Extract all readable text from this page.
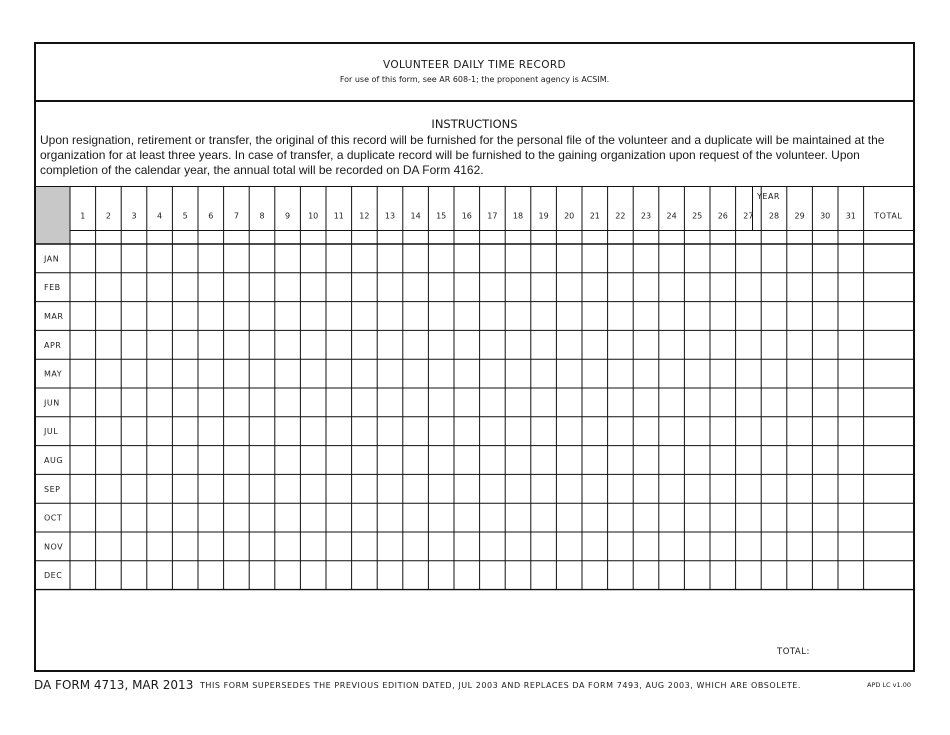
VOLUNTEER DAILY TIME RECORD
For use of this form, see AR 608-1; the proponent agency is ACSIM.
INSTRUCTIONS
Upon resignation, retirement or transfer, the original of this record will be furnished for the personal file of the volunteer and a duplicate will be maintained at the organization for at least three years. In case of transfer, a duplicate record will be furnished to the gaining organization upon request of the volunteer. Upon completion of the calendar year, the annual total will be recorded on DA Form 4162.
YEAR
1	2	3	4	5	6	7	8	9 10 11 12 13 14 15 16 17 18 19 20 21 22 23 24 25 26 27 28 29 30 31 TOTAL
JAN
FEB
MAR
APR
MAY
JUN
JUL
AUG
SEP
OCT
NOV
DEC
TOTAL:
DA FORM 4713, MAR 2013 THIS FORM SUPERSEDES THE PREVIOUS EDITION DATED, JUL 2003 AND REPLACES DA FORM 7493, AUG 2003, WHICH ARE OBSOLETE.	APD LC v1.00
